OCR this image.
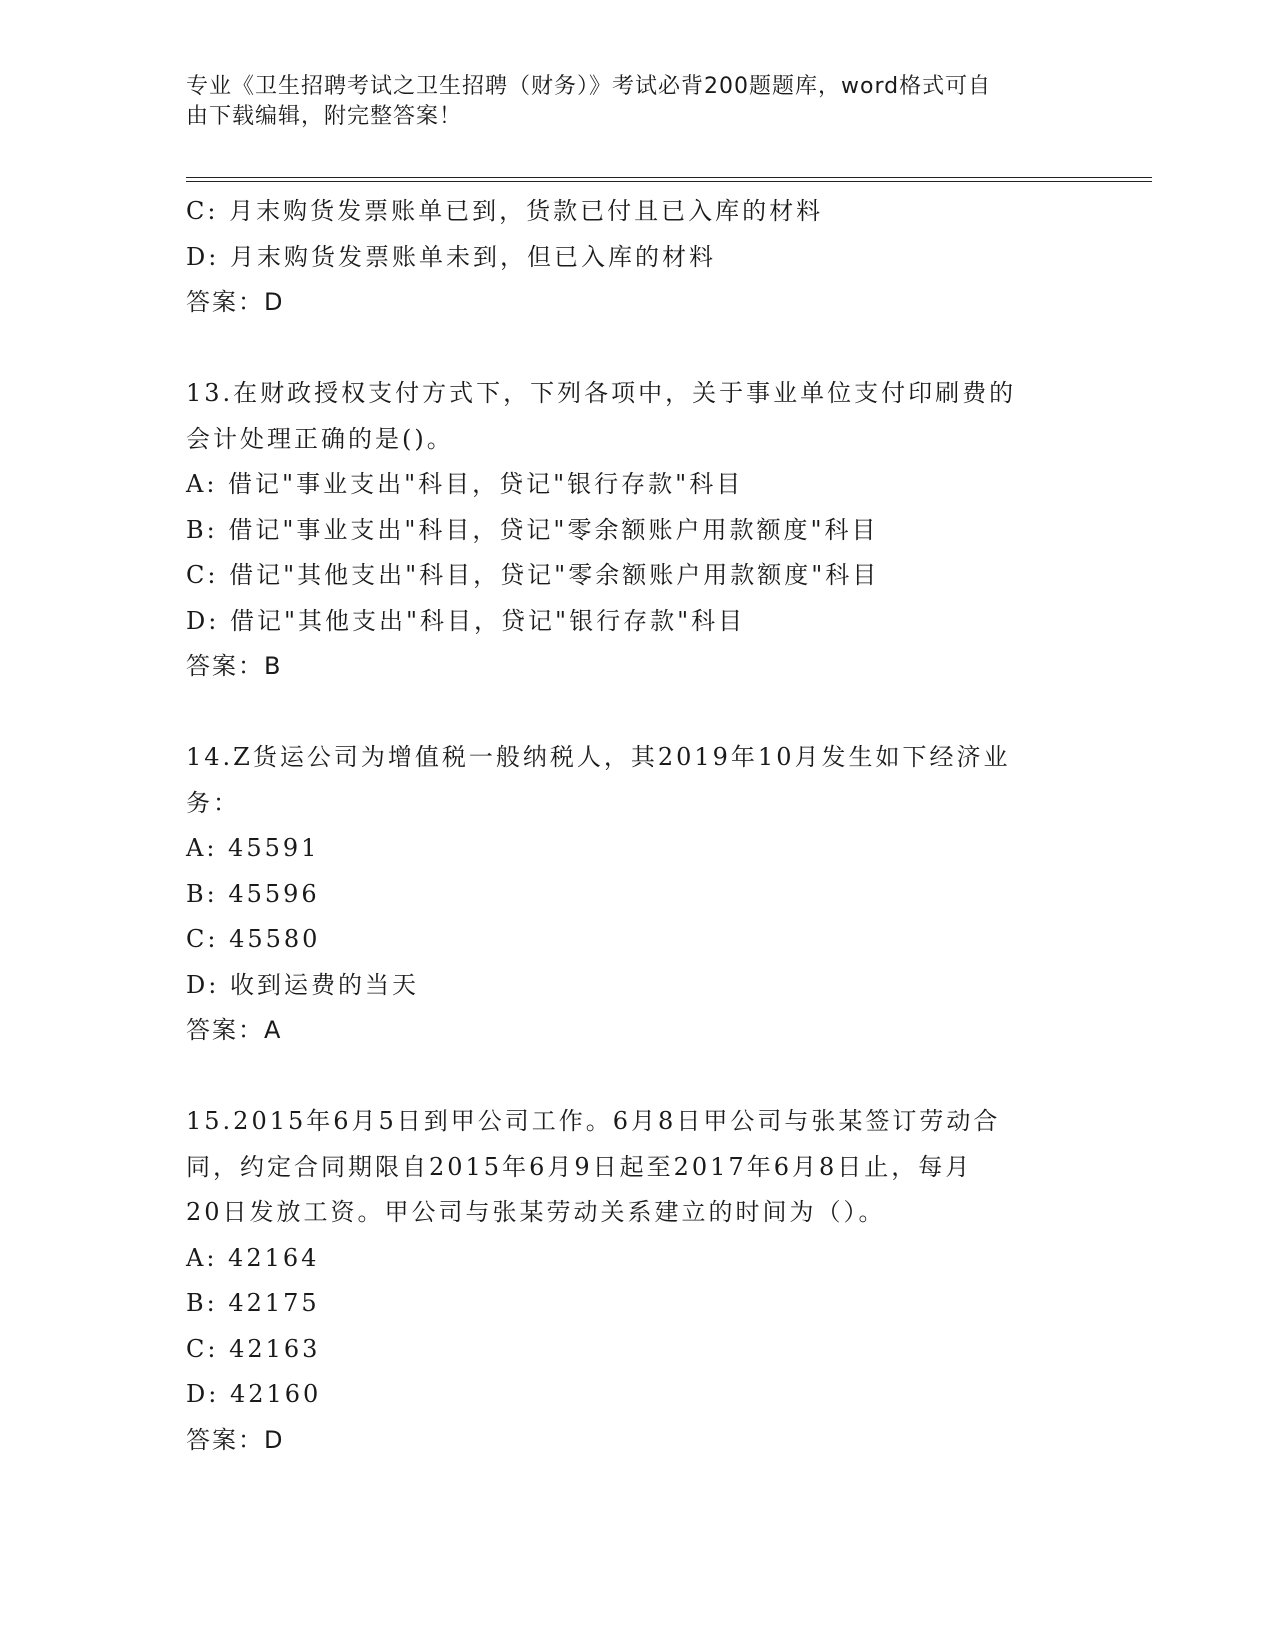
专业《卫生招聘考试之卫生招聘（财务）》考试必背200题题库，word格式可自
由下载编辑，附完整答案！
C: 月末购货发票账单已到，货款已付且已入库的材料
D: 月末购货发票账单未到，但已入库的材料
答案：D
13.在财政授权支付方式下，下列各项中，关于事业单位支付印刷费的
会计处理正确的是()。
A: 借记"事业支出"科目，贷记"银行存款"科目
B: 借记"事业支出"科目，贷记"零余额账户用款额度"科目
C: 借记"其他支出"科目，贷记"零余额账户用款额度"科目
D: 借记"其他支出"科目，贷记"银行存款"科目
答案：B
14.Z货运公司为增值税一般纳税人，其2019年10月发生如下经济业
务：
A: 45591
B: 45596
C: 45580
D: 收到运费的当天
答案：A
15.2015年6月5日到甲公司工作。6月8日甲公司与张某签订劳动合
同，约定合同期限自2015年6月9日起至2017年6月8日止，每月
20日发放工资。甲公司与张某劳动关系建立的时间为（）。
A: 42164
B: 42175
C: 42163
D: 42160
答案：D
